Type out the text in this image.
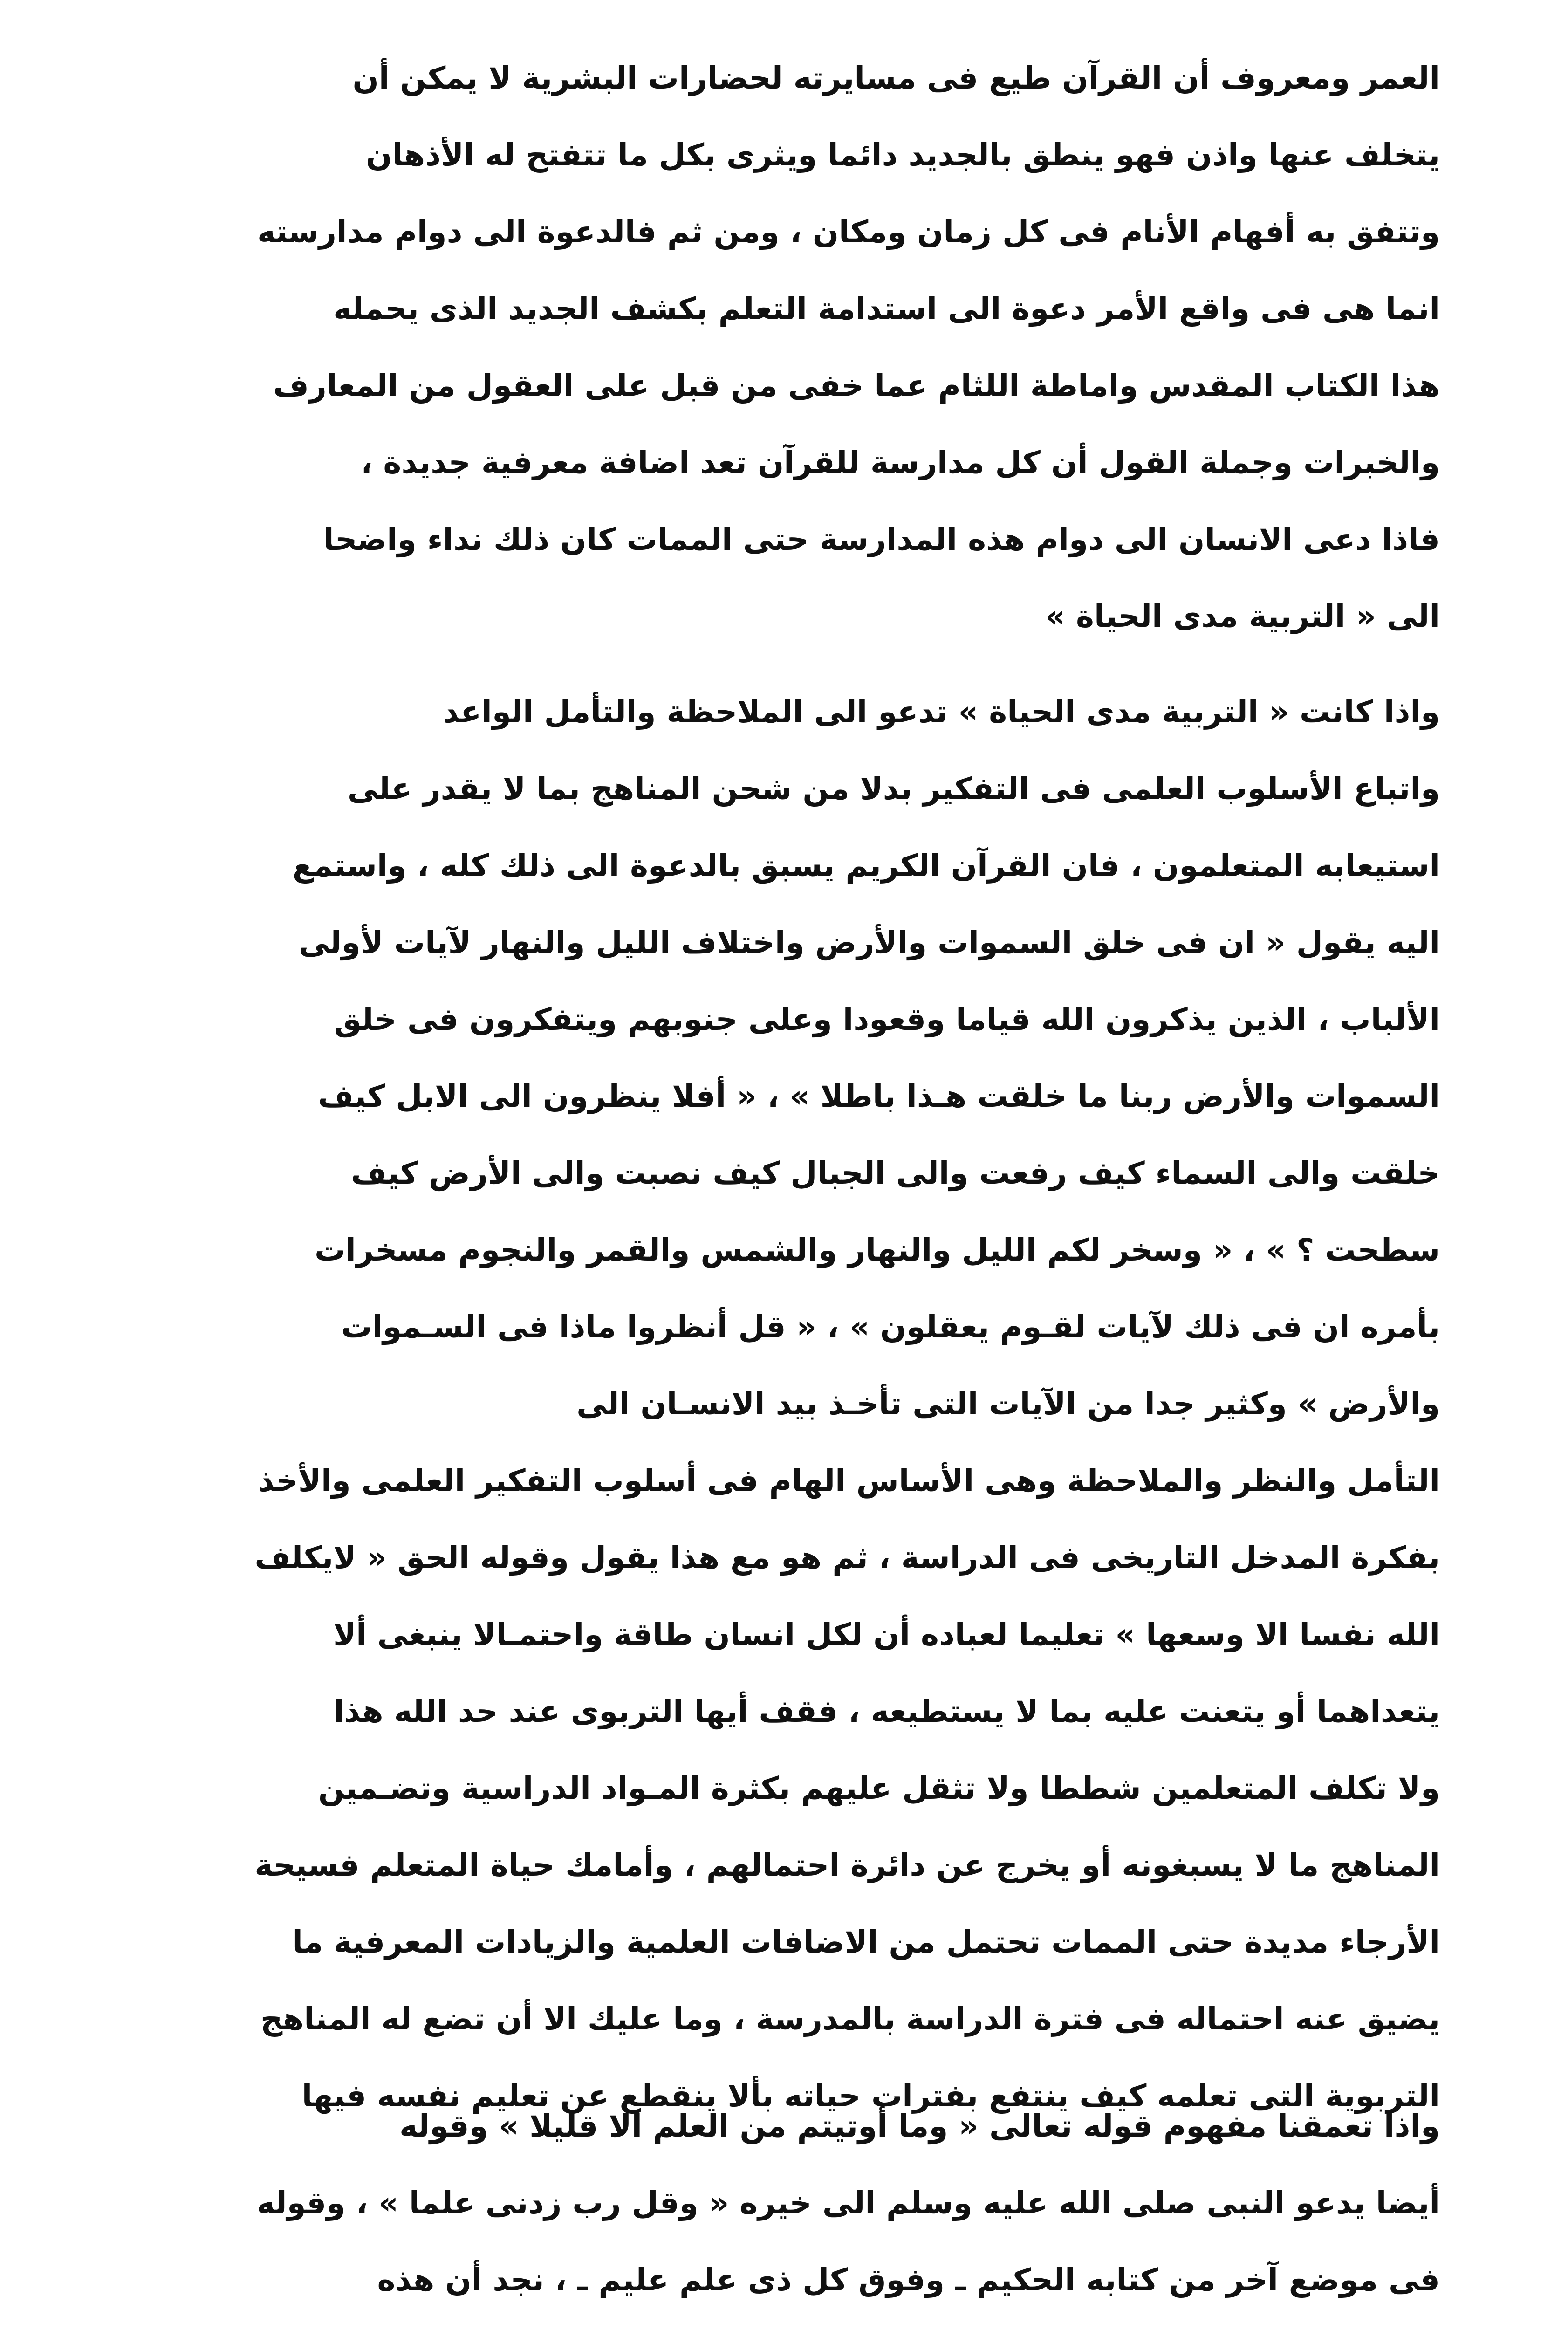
العمر ومعروف أن القرآن طيع فى مسايرته لحضارات البشرية لا يمكن أن
يتخلف عنها واذن فهو ينطق بالجديد دائما ويثرى بكل ما تتفتح له الأذهان
وتتفق به أفهام الأنام فى كل زمان ومكان ، ومن ثم فالدعوة الى دوام مدارسته
انما هى فى واقع الأمر دعوة الى استدامة التعلم بكشف الجديد الذى يحمله
هذا الكتاب المقدس واماطة اللثام عما خفى من قبل على العقول من المعارف
والخبرات وجملة القول أن كل مدارسة للقرآن تعد اضافة معرفية جديدة ،
فاذا دعى الانسان الى دوام هذه المدارسة حتى الممات كان ذلك نداء واضحا
الى « التربية مدى الحياة »
واذا كانت « التربية مدى الحياة » تدعو الى الملاحظة والتأمل الواعد
واتباع الأسلوب العلمى فى التفكير بدلا من شحن المناهج بما لا يقدر على
استيعابه المتعلمون ، فان القرآن الكريم يسبق بالدعوة الى ذلك كله ، واستمع
اليه يقول « ان فى خلق السموات والأرض واختلاف الليل والنهار لآيات لأولى
الألباب ، الذين يذكرون الله قياما وقعودا وعلى جنوبهم ويتفكرون فى خلق
السموات والأرض ربنا ما خلقت هـذا باطلا » ، « أفلا ينظرون الى الابل كيف
خلقت والى السماء كيف رفعت والى الجبال كيف نصبت والى الأرض كيف
سطحت ؟ » ، « وسخر لكم الليل والنهار والشمس والقمر والنجوم مسخرات
بأمره ان فى ذلك لآيات لقـوم يعقلون » ، « قل أنظروا ماذا فى السـموات
والأرض » وكثير جدا من الآيات التى تأخـذ بيد الانسـان الى
التأمل والنظر والملاحظة وهى الأساس الهام فى أسلوب التفكير العلمى والأخذ
بفكرة المدخل التاريخى فى الدراسة ، ثم هو مع هذا يقول وقوله الحق « لايكلف
الله نفسا الا وسعها » تعليما لعباده أن لكل انسان طاقة واحتمـالا ينبغى ألا
يتعداهما أو يتعنت عليه بما لا يستطيعه ، فقف أيها التربوى عند حد الله هذا
ولا تكلف المتعلمين شططا ولا تثقل عليهم بكثرة المـواد الدراسية وتضـمين
المناهج ما لا يسبغونه أو يخرج عن دائرة احتمالهم ، وأمامك حياة المتعلم فسيحة
الأرجاء مديدة حتى الممات تحتمل من الاضافات العلمية والزيادات المعرفية ما
يضيق عنه احتماله فى فترة الدراسة بالمدرسة ، وما عليك الا أن تضع له المناهج
التربوية التى تعلمه كيف ينتفع بفترات حياته بألا ينقطع عن تعليم نفسه فيها
واذا تعمقنا مفهوم قوله تعالى « وما أوتيتم من العلم الا قليلا » وقوله
أيضا يدعو النبى صلى الله عليه وسلم الى خيره « وقل رب زدنى علما » ، وقوله
فى موضع آخر من كتابه الحكيم ـ وفوق كل ذى علم عليم ـ ، نجد أن هذه
